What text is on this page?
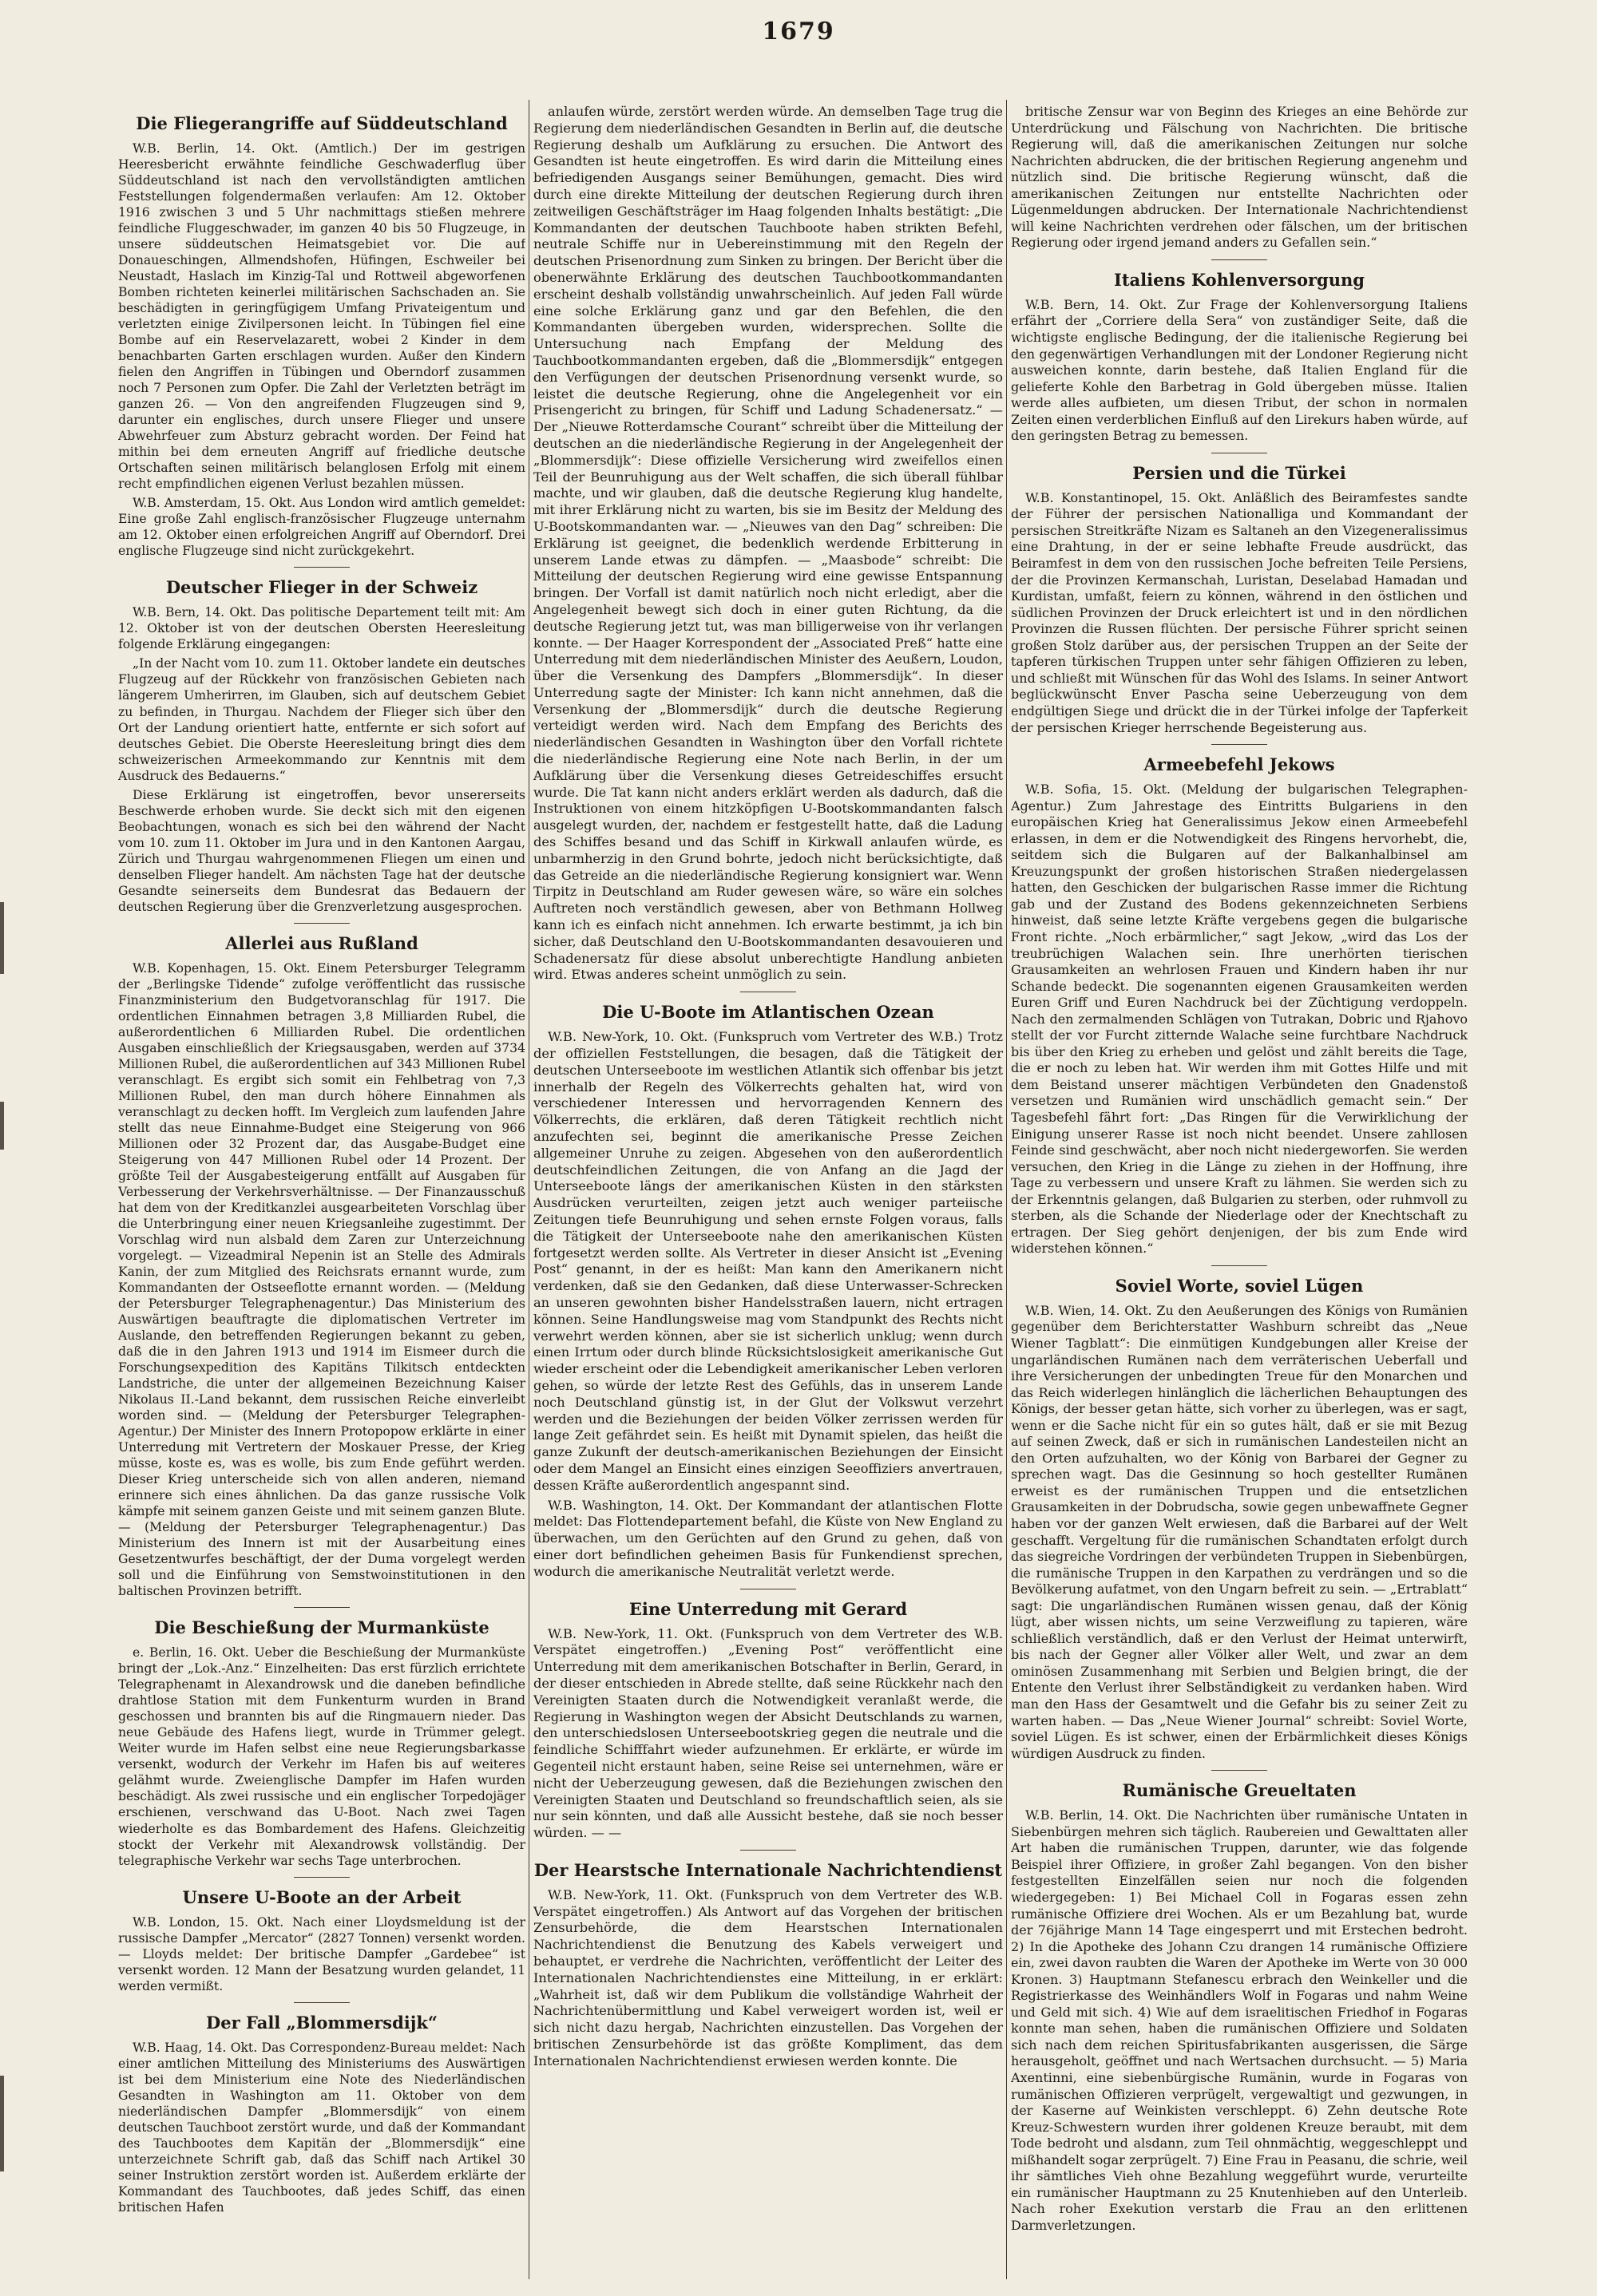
1679
Die Fliegerangriffe auf Süddeutschland

W.B. Berlin, 14. Okt. (Amtlich.) Der im gestrigen Heeresbericht erwähnte feindliche Geschwaderflug über Süddeutschland ist nach den vervollständigten amtlichen Feststellungen folgendermaßen verlaufen: Am 12. Oktober 1916 zwischen 3 und 5 Uhr nachmittags stießen mehrere feindliche Fluggeschwader, im ganzen 40 bis 50 Flugzeuge, in unsere süddeutschen Heimatsgebiet vor. Die auf Donaueschingen, Allmendshofen, Hüfingen, Eschweiler bei Neustadt, Haslach im Kinzig-Tal und Rottweil abgeworfenen Bomben richteten keinerlei militärischen Sachschaden an. Sie beschädigten in geringfügigem Umfang Privateigentum und verletzten einige Zivilpersonen leicht. In Tübingen fiel eine Bombe auf ein Reservelazarett, wobei 2 Kinder in dem benachbarten Garten erschlagen wurden. Außer den Kindern fielen den Angriffen in Tübingen und Oberndorf zusammen noch 7 Personen zum Opfer. Die Zahl der Verletzten beträgt im ganzen 26. — Von den angreifenden Flugzeugen sind 9, darunter ein englisches, durch unsere Flieger und unsere Abwehrfeuer zum Absturz gebracht worden. Der Feind hat mithin bei dem erneuten Angriff auf friedliche deutsche Ortschaften seinen militärisch belanglosen Erfolg mit einem recht empfindlichen eigenen Verlust bezahlen müssen.

W.B. Amsterdam, 15. Okt. Aus London wird amtlich gemeldet: Eine große Zahl englisch-französischer Flugzeuge unternahm am 12. Oktober einen erfolgreichen Angriff auf Oberndorf. Drei englische Flugzeuge sind nicht zurückgekehrt.

Deutscher Flieger in der Schweiz

W.B. Bern, 14. Okt. Das politische Departement teilt mit: Am 12. Oktober ist von der deutschen Obersten Heeresleitung folgende Erklärung eingegangen:

„In der Nacht vom 10. zum 11. Oktober landete ein deutsches Flugzeug auf der Rückkehr von französischen Gebieten nach längerem Umherirren, im Glauben, sich auf deutschem Gebiet zu befinden, in Thurgau. Nachdem der Flieger sich über den Ort der Landung orientiert hatte, entfernte er sich sofort auf deutsches Gebiet. Die Oberste Heeresleitung bringt dies dem schweizerischen Armeekommando zur Kenntnis mit dem Ausdruck des Bedauerns.“

Diese Erklärung ist eingetroffen, bevor unsererseits Beschwerde erhoben wurde. Sie deckt sich mit den eigenen Beobachtungen, wonach es sich bei den während der Nacht vom 10. zum 11. Oktober im Jura und in den Kantonen Aargau, Zürich und Thurgau wahrgenommenen Fliegen um einen und denselben Flieger handelt. Am nächsten Tage hat der deutsche Gesandte seinerseits dem Bundesrat das Bedauern der deutschen Regierung über die Grenzverletzung ausgesprochen.

Allerlei aus Rußland

W.B. Kopenhagen, 15. Okt. Einem Petersburger Telegramm der „Berlingske Tidende“ zufolge veröffentlicht das russische Finanzministerium den Budgetvoranschlag für 1917. Die ordentlichen Einnahmen betragen 3,8 Milliarden Rubel, die außerordentlichen 6 Milliarden Rubel. Die ordentlichen Ausgaben einschließlich der Kriegsausgaben, werden auf 3734 Millionen Rubel, die außerordentlichen auf 343 Millionen Rubel veranschlagt. Es ergibt sich somit ein Fehlbetrag von 7,3 Millionen Rubel, den man durch höhere Einnahmen als veranschlagt zu decken hofft. Im Vergleich zum laufenden Jahre stellt das neue Einnahme-Budget eine Steigerung von 966 Millionen oder 32 Prozent dar, das Ausgabe-Budget eine Steigerung von 447 Millionen Rubel oder 14 Prozent. Der größte Teil der Ausgabesteigerung entfällt auf Ausgaben für Verbesserung der Verkehrsverhältnisse. — Der Finanzausschuß hat dem von der Kreditkanzlei ausgearbeiteten Vorschlag über die Unterbringung einer neuen Kriegsanleihe zugestimmt. Der Vorschlag wird nun alsbald dem Zaren zur Unterzeichnung vorgelegt. — Vizeadmiral Nepenin ist an Stelle des Admirals Kanin, der zum Mitglied des Reichsrats ernannt wurde, zum Kommandanten der Ostseeflotte ernannt worden. — (Meldung der Petersburger Telegraphenagentur.) Das Ministerium des Auswärtigen beauftragte die diplomatischen Vertreter im Auslande, den betreffenden Regierungen bekannt zu geben, daß die in den Jahren 1913 und 1914 im Eismeer durch die Forschungsexpedition des Kapitäns Tilkitsch entdeckten Landstriche, die unter der allgemeinen Bezeichnung Kaiser Nikolaus II.-Land bekannt, dem russischen Reiche einverleibt worden sind. — (Meldung der Petersburger Telegraphen-Agentur.) Der Minister des Innern Protopopow erklärte in einer Unterredung mit Vertretern der Moskauer Presse, der Krieg müsse, koste es, was es wolle, bis zum Ende geführt werden. Dieser Krieg unterscheide sich von allen anderen, niemand erinnere sich eines ähnlichen. Da das ganze russische Volk kämpfe mit seinem ganzen Geiste und mit seinem ganzen Blute. — (Meldung der Petersburger Telegraphenagentur.) Das Ministerium des Innern ist mit der Ausarbeitung eines Gesetzentwurfes beschäftigt, der der Duma vorgelegt werden soll und die Einführung von Semstwoinstitutionen in den baltischen Provinzen betrifft.

Die Beschießung der Murmanküste

e. Berlin, 16. Okt. Ueber die Beschießung der Murmanküste bringt der „Lok.-Anz.“ Einzelheiten: Das erst fürzlich errichtete Telegraphenamt in Alexandrowsk und die daneben befindliche drahtlose Station mit dem Funkenturm wurden in Brand geschossen und brannten bis auf die Ringmauern nieder. Das neue Gebäude des Hafens liegt, wurde in Trümmer gelegt. Weiter wurde im Hafen selbst eine neue Regierungsbarkasse versenkt, wodurch der Verkehr im Hafen bis auf weiteres gelähmt wurde. Zweienglische Dampfer im Hafen wurden beschädigt. Als zwei russische und ein englischer Torpedojäger erschienen, verschwand das U-Boot. Nach zwei Tagen wiederholte es das Bombardement des Hafens. Gleichzeitig stockt der Verkehr mit Alexandrowsk vollständig. Der telegraphische Verkehr war sechs Tage unterbrochen.

Unsere U-Boote an der Arbeit

W.B. London, 15. Okt. Nach einer Lloydsmeldung ist der russische Dampfer „Mercator“ (2827 Tonnen) versenkt worden. — Lloyds meldet: Der britische Dampfer „Gardebee“ ist versenkt worden. 12 Mann der Besatzung wurden gelandet, 11 werden vermißt.

Der Fall „Blommersdijk“

W.B. Haag, 14. Okt. Das Correspondenz-Bureau meldet: Nach einer amtlichen Mitteilung des Ministeriums des Auswärtigen ist bei dem Ministerium eine Note des Niederländischen Gesandten in Washington am 11. Oktober von dem niederländischen Dampfer „Blommersdijk“ von einem deutschen Tauchboot zerstört wurde, und daß der Kommandant des Tauchbootes dem Kapitän der „Blommersdijk“ eine unterzeichnete Schrift gab, daß das Schiff nach Artikel 30 seiner Instruktion zerstört worden ist. Außerdem erklärte der Kommandant des Tauchbootes, daß jedes Schiff, das einen britischen Hafen

anlaufen würde, zerstört werden würde. An demselben Tage trug die Regierung dem niederländischen Gesandten in Berlin auf, die deutsche Regierung deshalb um Aufklärung zu ersuchen. Die Antwort des Gesandten ist heute eingetroffen. Es wird darin die Mitteilung eines befriedigenden Ausgangs seiner Bemühungen, gemacht. Dies wird durch eine direkte Mitteilung der deutschen Regierung durch ihren zeitweiligen Geschäftsträger im Haag folgenden Inhalts bestätigt: „Die Kommandanten der deutschen Tauchboote haben strikten Befehl, neutrale Schiffe nur in Uebereinstimmung mit den Regeln der deutschen Prisenordnung zum Sinken zu bringen. Der Bericht über die obenerwähnte Erklärung des deutschen Tauchbootkommandanten erscheint deshalb vollständig unwahrscheinlich. Auf jeden Fall würde eine solche Erklärung ganz und gar den Befehlen, die den Kommandanten übergeben wurden, widersprechen. Sollte die Untersuchung nach Empfang der Meldung des Tauchbootkommandanten ergeben, daß die „Blommersdijk“ entgegen den Verfügungen der deutschen Prisenordnung versenkt wurde, so leistet die deutsche Regierung, ohne die Angelegenheit vor ein Prisengericht zu bringen, für Schiff und Ladung Schadenersatz.“ — Der „Nieuwe Rotterdamsche Courant“ schreibt über die Mitteilung der deutschen an die niederländische Regierung in der Angelegenheit der „Blommersdijk“: Diese offizielle Versicherung wird zweifellos einen Teil der Beunruhigung aus der Welt schaffen, die sich überall fühlbar machte, und wir glauben, daß die deutsche Regierung klug handelte, mit ihrer Erklärung nicht zu warten, bis sie im Besitz der Meldung des U-Bootskommandanten war. — „Nieuwes van den Dag“ schreiben: Die Erklärung ist geeignet, die bedenklich werdende Erbitterung in unserem Lande etwas zu dämpfen. — „Maasbode“ schreibt: Die Mitteilung der deutschen Regierung wird eine gewisse Entspannung bringen. Der Vorfall ist damit natürlich noch nicht erledigt, aber die Angelegenheit bewegt sich doch in einer guten Richtung, da die deutsche Regierung jetzt tut, was man billigerweise von ihr verlangen konnte. — Der Haager Korrespondent der „Associated Preß“ hatte eine Unterredung mit dem niederländischen Minister des Aeußern, Loudon, über die Versenkung des Dampfers „Blommersdijk“. In dieser Unterredung sagte der Minister: Ich kann nicht annehmen, daß die Versenkung der „Blommersdijk“ durch die deutsche Regierung verteidigt werden wird. Nach dem Empfang des Berichts des niederländischen Gesandten in Washington über den Vorfall richtete die niederländische Regierung eine Note nach Berlin, in der um Aufklärung über die Versenkung dieses Getreideschiffes ersucht wurde. Die Tat kann nicht anders erklärt werden als dadurch, daß die Instruktionen von einem hitzköpfigen U-Bootskommandanten falsch ausgelegt wurden, der, nachdem er festgestellt hatte, daß die Ladung des Schiffes besand und das Schiff in Kirkwall anlaufen würde, es unbarmherzig in den Grund bohrte, jedoch nicht berücksichtigte, daß das Getreide an die niederländische Regierung konsigniert war. Wenn Tirpitz in Deutschland am Ruder gewesen wäre, so wäre ein solches Auftreten noch verständlich gewesen, aber von Bethmann Hollweg kann ich es einfach nicht annehmen. Ich erwarte bestimmt, ja ich bin sicher, daß Deutschland den U-Bootskommandanten desavouieren und Schadenersatz für diese absolut unberechtigte Handlung anbieten wird. Etwas anderes scheint unmöglich zu sein.

Die U-Boote im Atlantischen Ozean

W.B. New-York, 10. Okt. (Funkspruch vom Vertreter des W.B.) Trotz der offiziellen Feststellungen, die besagen, daß die Tätigkeit der deutschen Unterseeboote im westlichen Atlantik sich offenbar bis jetzt innerhalb der Regeln des Völkerrechts gehalten hat, wird von verschiedener Interessen und hervorragenden Kennern des Völkerrechts, die erklären, daß deren Tätigkeit rechtlich nicht anzufechten sei, beginnt die amerikanische Presse Zeichen allgemeiner Unruhe zu zeigen. Abgesehen von den außerordentlich deutschfeindlichen Zeitungen, die von Anfang an die Jagd der Unterseeboote längs der amerikanischen Küsten in den stärksten Ausdrücken verurteilten, zeigen jetzt auch weniger parteiische Zeitungen tiefe Beunruhigung und sehen ernste Folgen voraus, falls die Tätigkeit der Unterseeboote nahe den amerikanischen Küsten fortgesetzt werden sollte. Als Vertreter in dieser Ansicht ist „Evening Post“ genannt, in der es heißt: Man kann den Amerikanern nicht verdenken, daß sie den Gedanken, daß diese Unterwasser-Schrecken an unseren gewohnten bisher Handelsstraßen lauern, nicht ertragen können. Seine Handlungsweise mag vom Standpunkt des Rechts nicht verwehrt werden können, aber sie ist sicherlich unklug; wenn durch einen Irrtum oder durch blinde Rücksichtslosigkeit amerikanische Gut wieder erscheint oder die Lebendigkeit amerikanischer Leben verloren gehen, so würde der letzte Rest des Gefühls, das in unserem Lande noch Deutschland günstig ist, in der Glut der Volkswut verzehrt werden und die Beziehungen der beiden Völker zerrissen werden für lange Zeit gefährdet sein. Es heißt mit Dynamit spielen, das heißt die ganze Zukunft der deutsch-amerikanischen Beziehungen der Einsicht oder dem Mangel an Einsicht eines einzigen Seeoffiziers anvertrauen, dessen Kräfte außerordentlich angespannt sind.

W.B. Washington, 14. Okt. Der Kommandant der atlantischen Flotte meldet: Das Flottendepartement befahl, die Küste von New England zu überwachen, um den Gerüchten auf den Grund zu gehen, daß von einer dort befindlichen geheimen Basis für Funkendienst sprechen, wodurch die amerikanische Neutralität verletzt werde.

Eine Unterredung mit Gerard

W.B. New-York, 11. Okt. (Funkspruch von dem Vertreter des W.B. Verspätet eingetroffen.) „Evening Post“ veröffentlicht eine Unterredung mit dem amerikanischen Botschafter in Berlin, Gerard, in der dieser entschieden in Abrede stellte, daß seine Rückkehr nach den Vereinigten Staaten durch die Notwendigkeit veranlaßt werde, die Regierung in Washington wegen der Absicht Deutschlands zu warnen, den unterschiedslosen Unterseebootskrieg gegen die neutrale und die feindliche Schifffahrt wieder aufzunehmen. Er erklärte, er würde im Gegenteil nicht erstaunt haben, seine Reise sei unternehmen, wäre er nicht der Ueberzeugung gewesen, daß die Beziehungen zwischen den Vereinigten Staaten und Deutschland so freundschaftlich seien, als sie nur sein könnten, und daß alle Aussicht bestehe, daß sie noch besser würden. — —

Der Hearstsche Internationale Nachrichtendienst

W.B. New-York, 11. Okt. (Funkspruch von dem Vertreter des W.B. Verspätet eingetroffen.) Als Antwort auf das Vorgehen der britischen Zensurbehörde, die dem Hearstschen Internationalen Nachrichtendienst die Benutzung des Kabels verweigert und behauptet, er verdrehe die Nachrichten, veröffentlicht der Leiter des Internationalen Nachrichtendienstes eine Mitteilung, in er erklärt: „Wahrheit ist, daß wir dem Publikum die vollständige Wahrheit der Nachrichtenübermittlung und Kabel verweigert worden ist, weil er sich nicht dazu hergab, Nachrichten einzustellen. Das Vorgehen der britischen Zensurbehörde ist das größte Kompliment, das dem Internationalen Nachrichtendienst erwiesen werden konnte. Die

britische Zensur war von Beginn des Krieges an eine Behörde zur Unterdrückung und Fälschung von Nachrichten. Die britische Regierung will, daß die amerikanischen Zeitungen nur solche Nachrichten abdrucken, die der britischen Regierung angenehm und nützlich sind. Die britische Regierung wünscht, daß die amerikanischen Zeitungen nur entstellte Nachrichten oder Lügenmeldungen abdrucken. Der Internationale Nachrichtendienst will keine Nachrichten verdrehen oder fälschen, um der britischen Regierung oder irgend jemand anders zu Gefallen sein.“

Italiens Kohlenversorgung

W.B. Bern, 14. Okt. Zur Frage der Kohlenversorgung Italiens erfährt der „Corriere della Sera“ von zuständiger Seite, daß die wichtigste englische Bedingung, der die italienische Regierung bei den gegenwärtigen Verhandlungen mit der Londoner Regierung nicht ausweichen konnte, darin bestehe, daß Italien England für die gelieferte Kohle den Barbetrag in Gold übergeben müsse. Italien werde alles aufbieten, um diesen Tribut, der schon in normalen Zeiten einen verderblichen Einfluß auf den Lirekurs haben würde, auf den geringsten Betrag zu bemessen.

Persien und die Türkei

W.B. Konstantinopel, 15. Okt. Anläßlich des Beiramfestes sandte der Führer der persischen Nationalliga und Kommandant der persischen Streitkräfte Nizam es Saltaneh an den Vizegeneralissimus eine Drahtung, in der er seine lebhafte Freude ausdrückt, das Beiramfest in dem von den russischen Joche befreiten Teile Persiens, der die Provinzen Kermanschah, Luristan, Deselabad Hamadan und Kurdistan, umfaßt, feiern zu können, während in den östlichen und südlichen Provinzen der Druck erleichtert ist und in den nördlichen Provinzen die Russen flüchten. Der persische Führer spricht seinen großen Stolz darüber aus, der persischen Truppen an der Seite der tapferen türkischen Truppen unter sehr fähigen Offizieren zu leben, und schließt mit Wünschen für das Wohl des Islams. In seiner Antwort beglückwünscht Enver Pascha seine Ueberzeugung von dem endgültigen Siege und drückt die in der Türkei infolge der Tapferkeit der persischen Krieger herrschende Begeisterung aus.

Armeebefehl Jekows

W.B. Sofia, 15. Okt. (Meldung der bulgarischen Telegraphen-Agentur.) Zum Jahrestage des Eintritts Bulgariens in den europäischen Krieg hat Generalissimus Jekow einen Armeebefehl erlassen, in dem er die Notwendigkeit des Ringens hervorhebt, die, seitdem sich die Bulgaren auf der Balkanhalbinsel am Kreuzungspunkt der großen historischen Straßen niedergelassen hatten, den Geschicken der bulgarischen Rasse immer die Richtung gab und der Zustand des Bodens gekennzeichneten Serbiens hinweist, daß seine letzte Kräfte vergebens gegen die bulgarische Front richte. „Noch erbärmlicher,“ sagt Jekow, „wird das Los der treubrüchigen Walachen sein. Ihre unerhörten tierischen Grausamkeiten an wehrlosen Frauen und Kindern haben ihr nur Schande bedeckt. Die sogenannten eigenen Grausamkeiten werden Euren Griff und Euren Nachdruck bei der Züchtigung verdoppeln. Nach den zermalmenden Schlägen von Tutrakan, Dobric und Rjahovo stellt der vor Furcht zitternde Walache seine furchtbare Nachdruck bis über den Krieg zu erheben und gelöst und zählt bereits die Tage, die er noch zu leben hat. Wir werden ihm mit Gottes Hilfe und mit dem Beistand unserer mächtigen Verbündeten den Gnadenstoß versetzen und Rumänien wird unschädlich gemacht sein.“ Der Tagesbefehl fährt fort: „Das Ringen für die Verwirklichung der Einigung unserer Rasse ist noch nicht beendet. Unsere zahllosen Feinde sind geschwächt, aber noch nicht niedergeworfen. Sie werden versuchen, den Krieg in die Länge zu ziehen in der Hoffnung, ihre Tage zu verbessern und unsere Kraft zu lähmen. Sie werden sich zu der Erkenntnis gelangen, daß Bulgarien zu sterben, oder ruhmvoll zu sterben, als die Schande der Niederlage oder der Knechtschaft zu ertragen. Der Sieg gehört denjenigen, der bis zum Ende wird widerstehen können.“

Soviel Worte, soviel Lügen

W.B. Wien, 14. Okt. Zu den Aeußerungen des Königs von Rumänien gegenüber dem Berichterstatter Washburn schreibt das „Neue Wiener Tagblatt“: Die einmütigen Kundgebungen aller Kreise der ungarländischen Rumänen nach dem verräterischen Ueberfall und ihre Versicherungen der unbedingten Treue für den Monarchen und das Reich widerlegen hinlänglich die lächerlichen Behauptungen des Königs, der besser getan hätte, sich vorher zu überlegen, was er sagt, wenn er die Sache nicht für ein so gutes hält, daß er sie mit Bezug auf seinen Zweck, daß er sich in rumänischen Landesteilen nicht an den Orten aufzuhalten, wo der König von Barbarei der Gegner zu sprechen wagt. Das die Gesinnung so hoch gestellter Rumänen erweist es der rumänischen Truppen und die entsetzlichen Grausamkeiten in der Dobrudscha, sowie gegen unbewaffnete Gegner haben vor der ganzen Welt erwiesen, daß die Barbarei auf der Welt geschafft. Vergeltung für die rumänischen Schandtaten erfolgt durch das siegreiche Vordringen der verbündeten Truppen in Siebenbürgen, die rumänische Truppen in den Karpathen zu verdrängen und so die Bevölkerung aufatmet, von den Ungarn befreit zu sein. — „Ertrablatt“ sagt: Die ungarländischen Rumänen wissen genau, daß der König lügt, aber wissen nichts, um seine Verzweiflung zu tapieren, wäre schließlich verständlich, daß er den Verlust der Heimat unterwirft, bis nach der Gegner aller Völker aller Welt, und zwar an dem ominösen Zusammenhang mit Serbien und Belgien bringt, die der Entente den Verlust ihrer Selbständigkeit zu verdanken haben. Wird man den Hass der Gesamtwelt und die Gefahr bis zu seiner Zeit zu warten haben. — Das „Neue Wiener Journal“ schreibt: Soviel Worte, soviel Lügen. Es ist schwer, einen der Erbärmlichkeit dieses Königs würdigen Ausdruck zu finden.

Rumänische Greueltaten

W.B. Berlin, 14. Okt. Die Nachrichten über rumänische Untaten in Siebenbürgen mehren sich täglich. Raubereien und Gewalttaten aller Art haben die rumänischen Truppen, darunter, wie das folgende Beispiel ihrer Offiziere, in großer Zahl begangen. Von den bisher festgestellten Einzelfällen seien nur noch die folgenden wiedergegeben: 1) Bei Michael Coll in Fogaras essen zehn rumänische Offiziere drei Wochen. Als er um Bezahlung bat, wurde der 76jährige Mann 14 Tage eingesperrt und mit Erstechen bedroht. 2) In die Apotheke des Johann Czu drangen 14 rumänische Offiziere ein, zwei davon raubten die Waren der Apotheke im Werte von 30 000 Kronen. 3) Hauptmann Stefanescu erbrach den Weinkeller und die Registrierkasse des Weinhändlers Wolf in Fogaras und nahm Weine und Geld mit sich. 4) Wie auf dem israelitischen Friedhof in Fogaras konnte man sehen, haben die rumänischen Offiziere und Soldaten sich nach dem reichen Spiritusfabrikanten ausgerissen, die Särge herausgeholt, geöffnet und nach Wertsachen durchsucht. — 5) Maria Axentinni, eine siebenbürgische Rumänin, wurde in Fogaras von rumänischen Offizieren verprügelt, vergewaltigt und gezwungen, in der Kaserne auf Weinkisten verschleppt. 6) Zehn deutsche Rote Kreuz-Schwestern wurden ihrer goldenen Kreuze beraubt, mit dem Tode bedroht und alsdann, zum Teil ohnmächtig, weggeschleppt und mißhandelt sogar zerprügelt. 7) Eine Frau in Peasanu, die schrie, weil ihr sämtliches Vieh ohne Bezahlung weggeführt wurde, verurteilte ein rumänischer Hauptmann zu 25 Knutenhieben auf den Unterleib. Nach roher Exekution verstarb die Frau an den erlittenen Darmverletzungen.
